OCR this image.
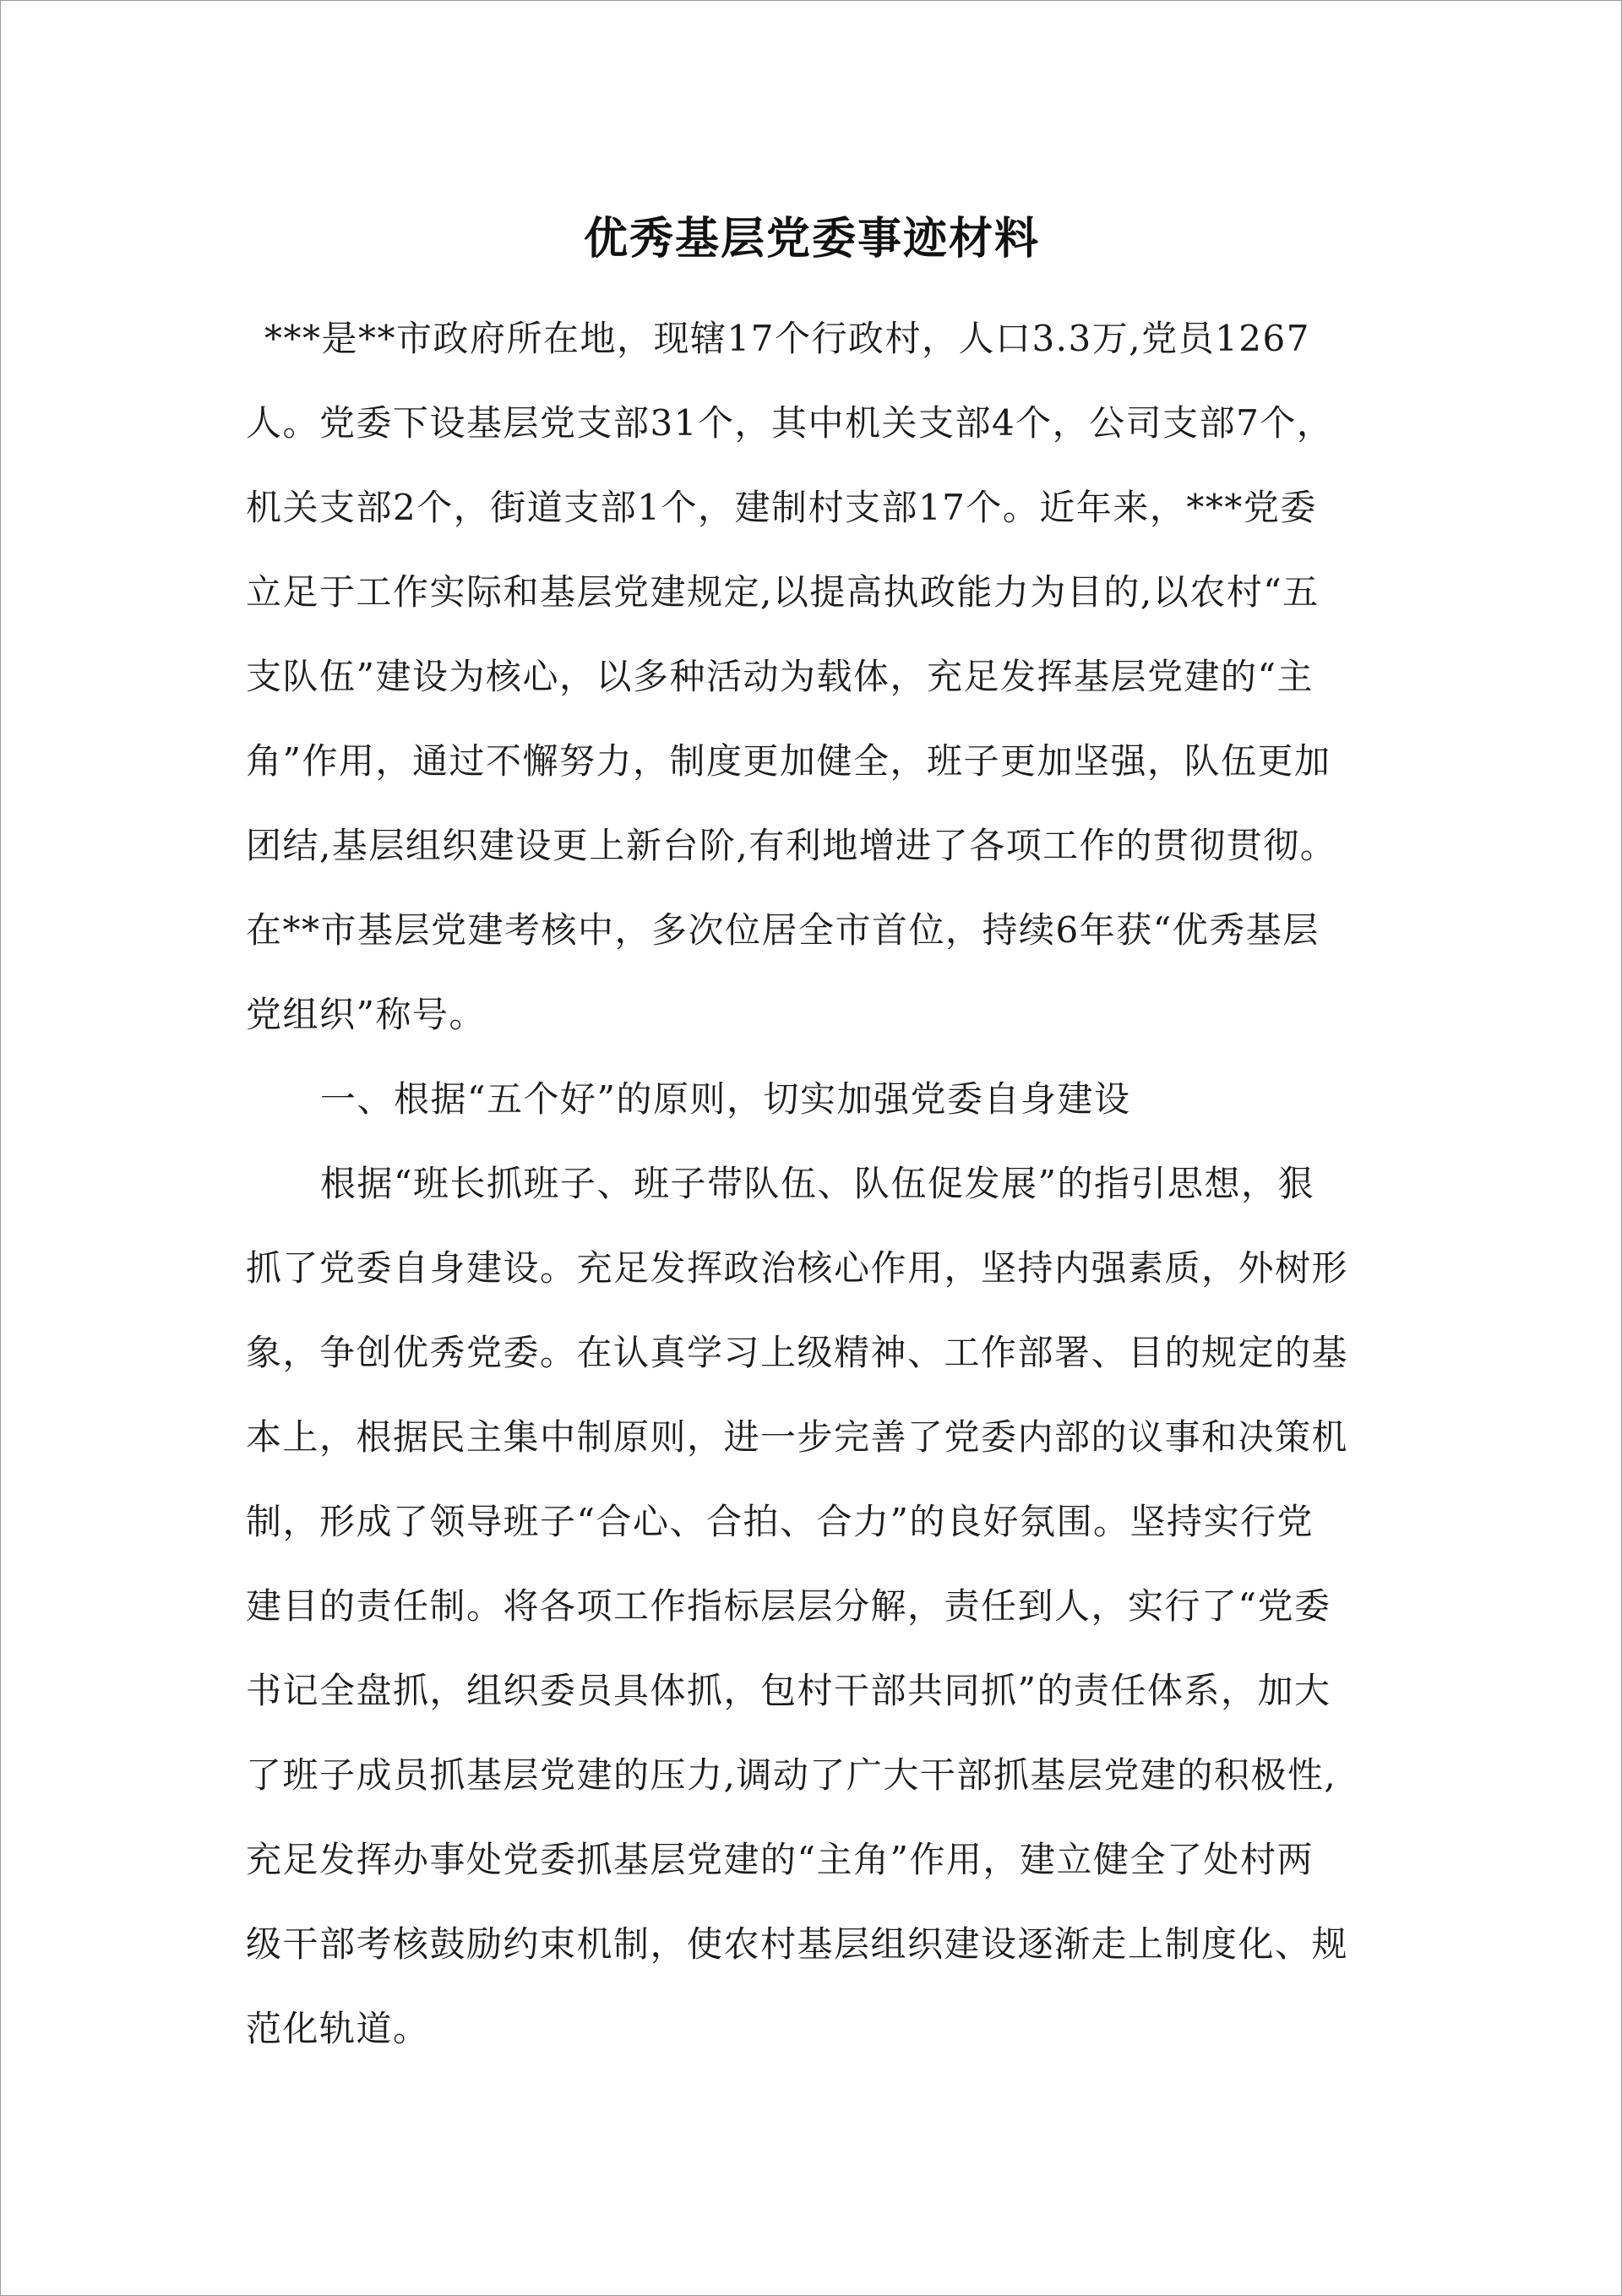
优秀基层党委事迹材料
***是**市政府所在地，现辖17个行政村，人口3.3万,党员1267
人。党委下设基层党支部31个，其中机关支部4个，公司支部7个，
机关支部2个，街道支部1个，建制村支部17个。近年来，***党委
立足于工作实际和基层党建规定,以提高执政能力为目的,以农村“五
支队伍”建设为核心，以多种活动为载体，充足发挥基层党建的“主
角”作用，通过不懈努力，制度更加健全，班子更加坚强，队伍更加
团结,基层组织建设更上新台阶,有利地增进了各项工作的贯彻贯彻。
在**市基层党建考核中，多次位居全市首位，持续6年获“优秀基层
党组织”称号。
一、根据“五个好”的原则，切实加强党委自身建设
根据“班长抓班子、班子带队伍、队伍促发展”的指引思想，狠
抓了党委自身建设。充足发挥政治核心作用，坚持内强素质，外树形
象，争创优秀党委。在认真学习上级精神、工作部署、目的规定的基
本上，根据民主集中制原则，进一步完善了党委内部的议事和决策机
制，形成了领导班子“合心、合拍、合力”的良好氛围。坚持实行党
建目的责任制。将各项工作指标层层分解，责任到人，实行了“党委
书记全盘抓，组织委员具体抓，包村干部共同抓”的责任体系，加大
了班子成员抓基层党建的压力,调动了广大干部抓基层党建的积极性,
充足发挥办事处党委抓基层党建的“主角”作用，建立健全了处村两
级干部考核鼓励约束机制，使农村基层组织建设逐渐走上制度化、规
范化轨道。
